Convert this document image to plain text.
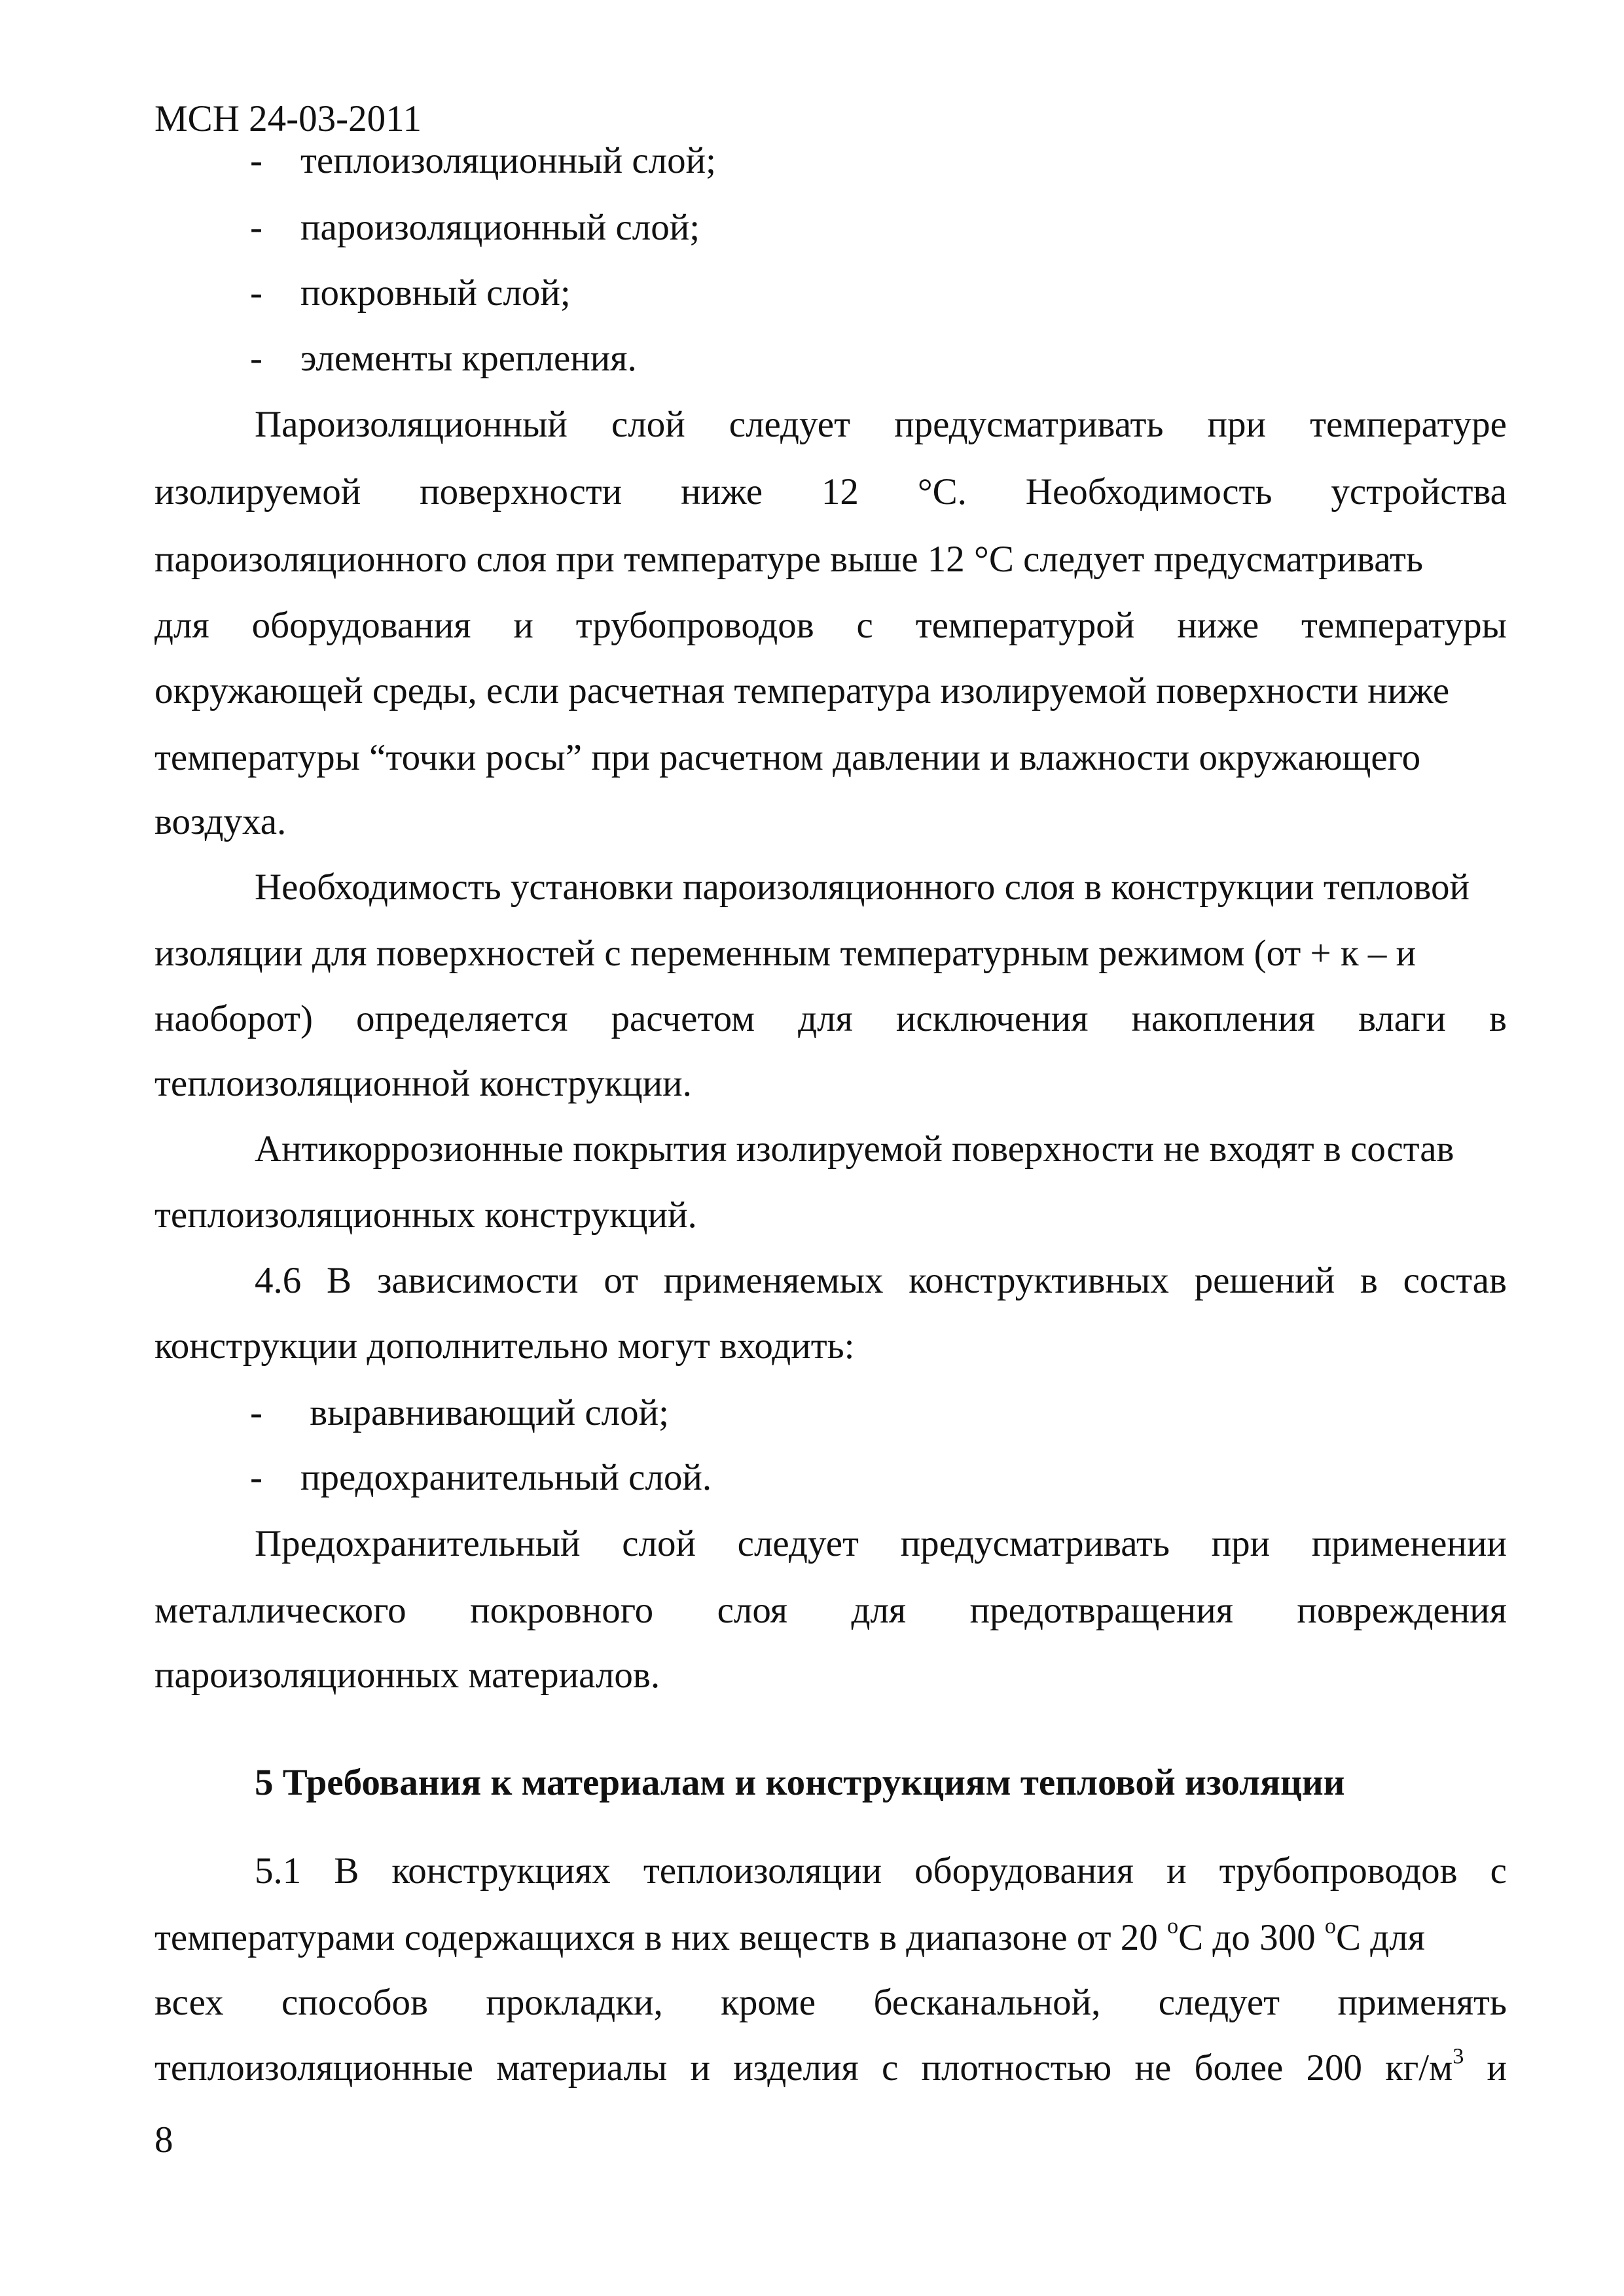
МСН 24-03-2011
- теплоизоляционный слой;
- пароизоляционный слой;
- покровный слой;
- элементы крепления.
Пароизоляционный слой следует предусматривать при температуре
изолируемой поверхности ниже 12 °С. Необходимость устройства
пароизоляционного слоя при температуре выше 12 °С следует предусматривать
для оборудования и трубопроводов с температурой ниже температуры
окружающей среды, если расчетная температура изолируемой поверхности ниже
температуры “точки росы” при расчетном давлении и влажности окружающего
воздуха.
Необходимость установки пароизоляционного слоя в конструкции тепловой
изоляции для поверхностей с переменным температурным режимом (от + к – и
наоборот) определяется расчетом для исключения накопления влаги в
теплоизоляционной конструкции.
Антикоррозионные покрытия изолируемой поверхности не входят в состав
теплоизоляционных конструкций.
4.6 В зависимости от применяемых конструктивных решений в состав
конструкции дополнительно могут входить:
- выравнивающий слой;
- предохранительный слой.
Предохранительный слой следует предусматривать при применении
металлического покровного слоя для предотвращения повреждения
пароизоляционных материалов.
5 Требования к материалам и конструкциям тепловой изоляции
5.1 В конструкциях теплоизоляции оборудования и трубопроводов с
температурами содержащихся в них веществ в диапазоне от 20 $^o$С до 300 $^o$С для
всех способов прокладки, кроме бесканальной, следует применять
теплоизоляционные материалы и изделия с плотностью не более 200 $кг/м^3$ и
8
